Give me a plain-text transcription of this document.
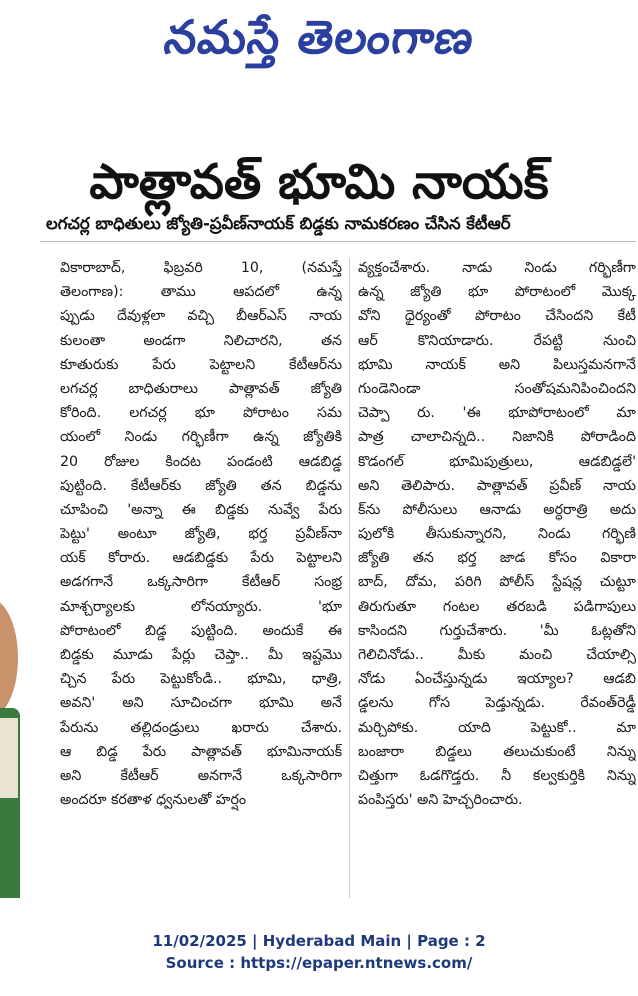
నమస్తే తెలంగాణ
పాత్లావత్ భూమి నాయక్
లగచర్ల బాధితులు జ్యోతి-ప్రవీణ్‌నాయక్ బిడ్డకు నామకరణం చేసిన కేటీఆర్
వికారాబాద్, ఫిబ్రవరి 10, (నమస్తే
తెలంగాణ): తాము ఆపదలో ఉన్న
ప్పుడు దేవుళ్లలా వచ్చి బీఆర్‌ఎస్ నాయ
కులంతా అండగా నిలిచారని, తన
కూతురుకు పేరు పెట్టాలని కేటీఆర్‌ను
లగచర్ల బాధితురాలు పాత్లావత్ జ్యోతి
కోరింది. లగచర్ల భూ పోరాటం సమ
యంలో నిండు గర్భిణీగా ఉన్న జ్యోతికి
20 రోజుల కిందట పండంటి ఆడబిడ్డ
పుట్టింది. కేటీఆర్‌కు జ్యోతి తన బిడ్డను
చూపించి 'అన్నా ఈ బిడ్డకు నువ్వే పేరు
పెట్టు' అంటూ జ్యోతి, భర్త ప్రవీణ్‌నా
యక్ కోరారు. ఆడబిడ్డకు పేరు పెట్టాలని
అడగగానే ఒక్కసారిగా కేటీఆర్ సంభ్ర
మాశ్చర్యాలకు లోనయ్యారు. 'భూ
పోరాటంలో బిడ్డ పుట్టింది. అందుకే ఈ
బిడ్డకు మూడు పేర్లు చెప్తా.. మీ ఇష్టమొ
చ్చిన పేరు పెట్టుకోండి.. భూమి, ధాత్రి,
అవని' అని సూచించగా భూమి అనే
పేరును తల్లిదండ్రులు ఖరారు చేశారు.
ఆ బిడ్డ పేరు పాత్లావత్ భూమినాయక్
అని కేటీఆర్ అనగానే ఒక్కసారిగా
అందరూ కరతాళ ధ్వనులతో హర్షం
వ్యక్తంచేశారు. నాడు నిండు గర్భిణీగా
ఉన్న జ్యోతి భూ పోరాటంలో మొక్క
వోని ధైర్యంతో పోరాటం చేసిందని కేటీ
ఆర్ కొనియాడారు. రేపట్టి నుంచి
భూమి నాయక్ అని పిలుస్తమనగానే
గుండెనిండా సంతోషమనిపించిందని
చెప్పా రు. 'ఈ భూపోరాటంలో మా
పాత్ర చాలాచిన్నది.. నిజానికి పోరాడింది
కొడంగల్ భూమిపుత్రులు, ఆడబిడ్డలే'
అని తెలిపారు. పాత్లావత్ ప్రవీణ్ నాయ
క్‌ను పోలీసులు ఆనాడు అర్ధరాత్రి అదు
పులోకి తీసుకున్నారని, నిండు గర్భిణి
జ్యోతి తన భర్త జాడ కోసం వికారా
బాద్, దోమ, పరిగి పోలీస్ స్టేషన్ల చుట్టూ
తిరుగుతూ గంటల తరబడి పడిగాపులు
కాసిందని గుర్తుచేశారు. 'మీ ఓట్లతోని
గెలిచినోడు.. మీకు మంచి చేయాల్సి
నోడు ఏంచేస్తున్నడు ఇయ్యాల? ఆడబి
డ్డలను గోస పెడ్తున్నడు. రేవంత్‌రెడ్డీ
మర్చిపోకు. యాది పెట్టుకో.. మా
బంజారా బిడ్డలు తలుచుకుంటే నిన్ను
చిత్తుగా ఓడగొడ్తరు. నీ కల్వకుర్తికి నిన్ను
పంపిస్తరు' అని హెచ్చరించారు.
11/02/2025 | Hyderabad Main | Page : 2
Source : https://epaper.ntnews.com/
